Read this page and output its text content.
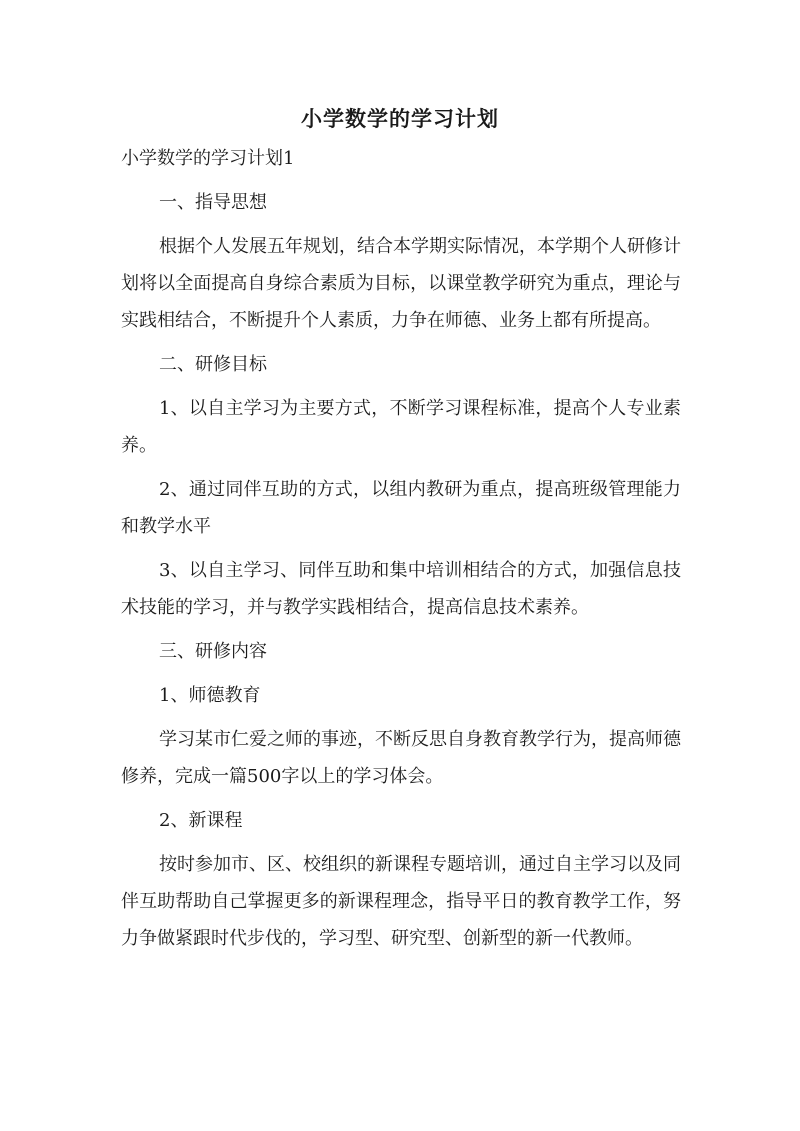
小学数学的学习计划

小学数学的学习计划1

一、指导思想

根据个人发展五年规划，结合本学期实际情况，本学期个人研修计划将以全面提高自身综合素质为目标，以课堂教学研究为重点，理论与实践相结合，不断提升个人素质，力争在师德、业务上都有所提高。

二、研修目标

1、以自主学习为主要方式，不断学习课程标准，提高个人专业素养。

2、通过同伴互助的方式，以组内教研为重点，提高班级管理能力和教学水平

3、以自主学习、同伴互助和集中培训相结合的方式，加强信息技术技能的学习，并与教学实践相结合，提高信息技术素养。

三、研修内容

1、师德教育

学习某市仁爱之师的事迹，不断反思自身教育教学行为，提高师德修养，完成一篇500字以上的学习体会。

2、新课程

按时参加市、区、校组织的新课程专题培训，通过自主学习以及同伴互助帮助自己掌握更多的新课程理念，指导平日的教育教学工作，努力争做紧跟时代步伐的，学习型、研究型、创新型的新一代教师。
